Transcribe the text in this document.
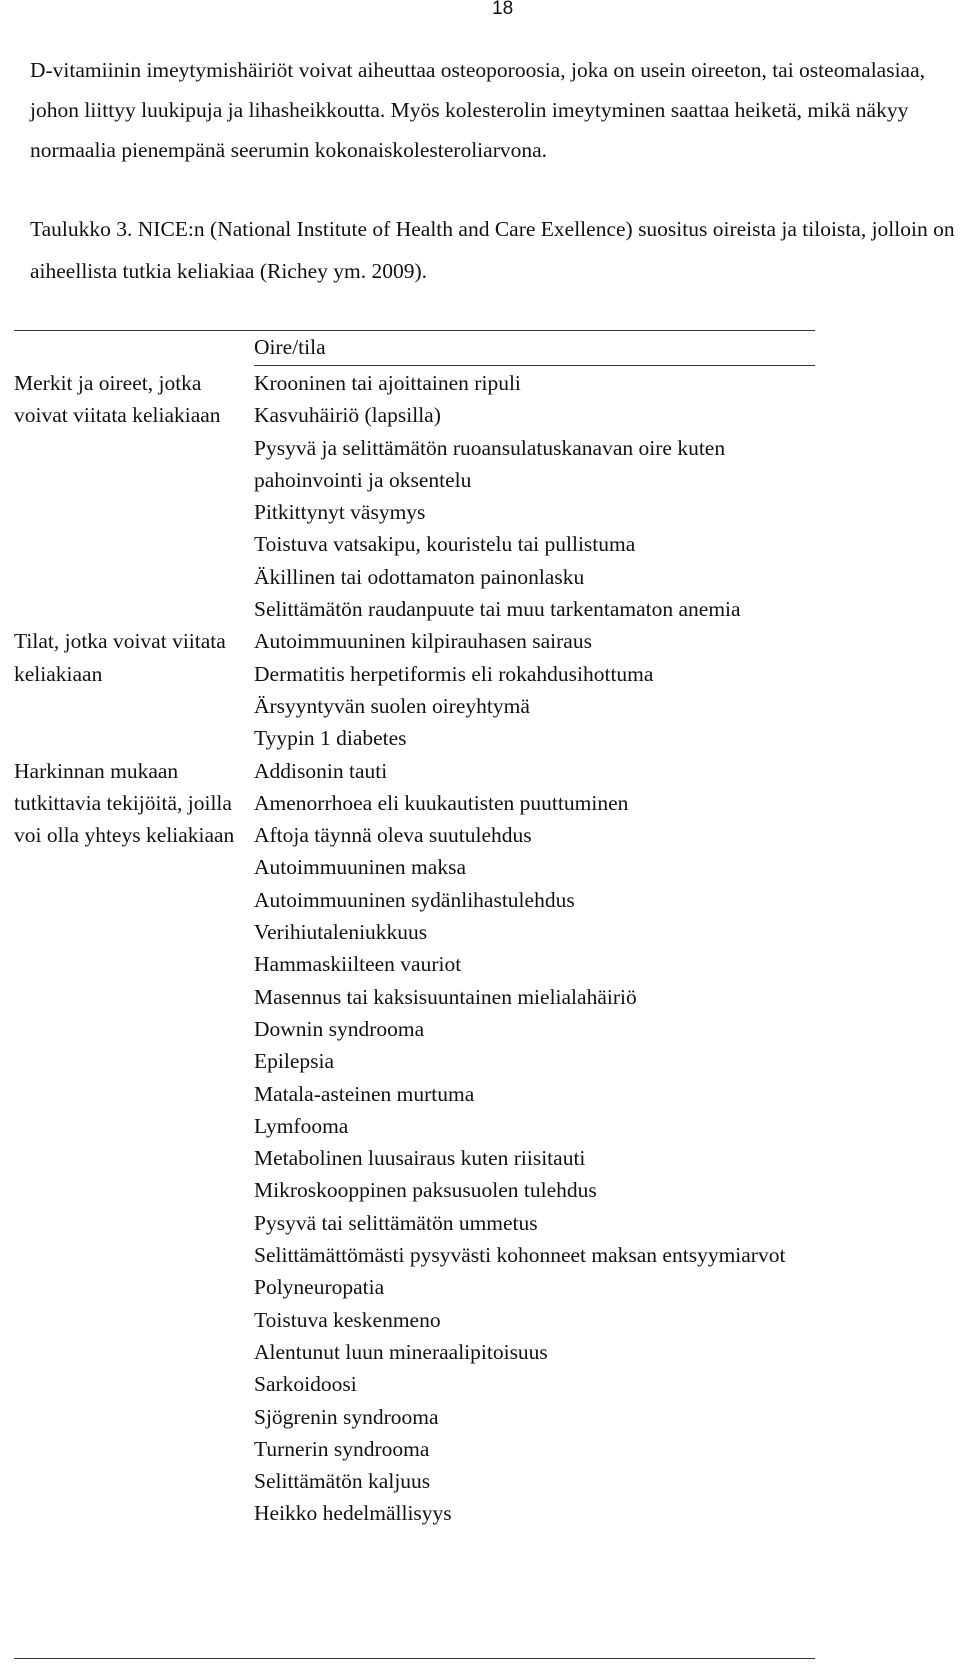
18

D-vitamiinin imeytymishäiriöt voivat aiheuttaa osteoporoosia, joka on usein oireeton, tai osteomalasiaa, johon liittyy luukipuja ja lihasheikkoutta. Myös kolesterolin imeytyminen saattaa heiketä, mikä näkyy normaalia pienempänä seerumin kokonaiskolesteroliarvona.

Taulukko 3. NICE:n (National Institute of Health and Care Exellence) suositus oireista ja tiloista, jolloin on aiheellista tutkia keliakiaa (Richey ym. 2009).

Oire/tila
Merkit ja oireet, jotka voivat viitata keliakiaan
Krooninen tai ajoittainen ripuli
Kasvuhäiriö (lapsilla)
Pysyvä ja selittämätön ruoansulatuskanavan oire kuten pahoinvointi ja oksentelu
Pitkittynyt väsymys
Toistuva vatsakipu, kouristelu tai pullistuma
Äkillinen tai odottamaton painonlasku
Selittämätön raudanpuute tai muu tarkentamaton anemia
Tilat, jotka voivat viitata keliakiaan
Autoimmuuninen kilpirauhasen sairaus
Dermatitis herpetiformis eli rokahdusihottuma
Ärsyyntyvän suolen oireyhtymä
Tyypin 1 diabetes
Harkinnan mukaan tutkittavia tekijöitä, joilla voi olla yhteys keliakiaan
Addisonin tauti
Amenorrhoea eli kuukautisten puuttuminen
Aftoja täynnä oleva suutulehdus
Autoimmuuninen maksa
Autoimmuuninen sydänlihastulehdus
Verihiutaleniukkuus
Hammaskiilteen vauriot
Masennus tai kaksisuuntainen mielialahäiriö
Downin syndrooma
Epilepsia
Matala-asteinen murtuma
Lymfooma
Metabolinen luusairaus kuten riisitauti
Mikroskooppinen paksusuolen tulehdus
Pysyvä tai selittämätön ummetus
Selittämättömästi pysyvästi kohonneet maksan entsyymiarvot
Polyneuropatia
Toistuva keskenmeno
Alentunut luun mineraalipitoisuus
Sarkoidoosi
Sjögrenin syndrooma
Turnerin syndrooma
Selittämätön kaljuus
Heikko hedelmällisyys
